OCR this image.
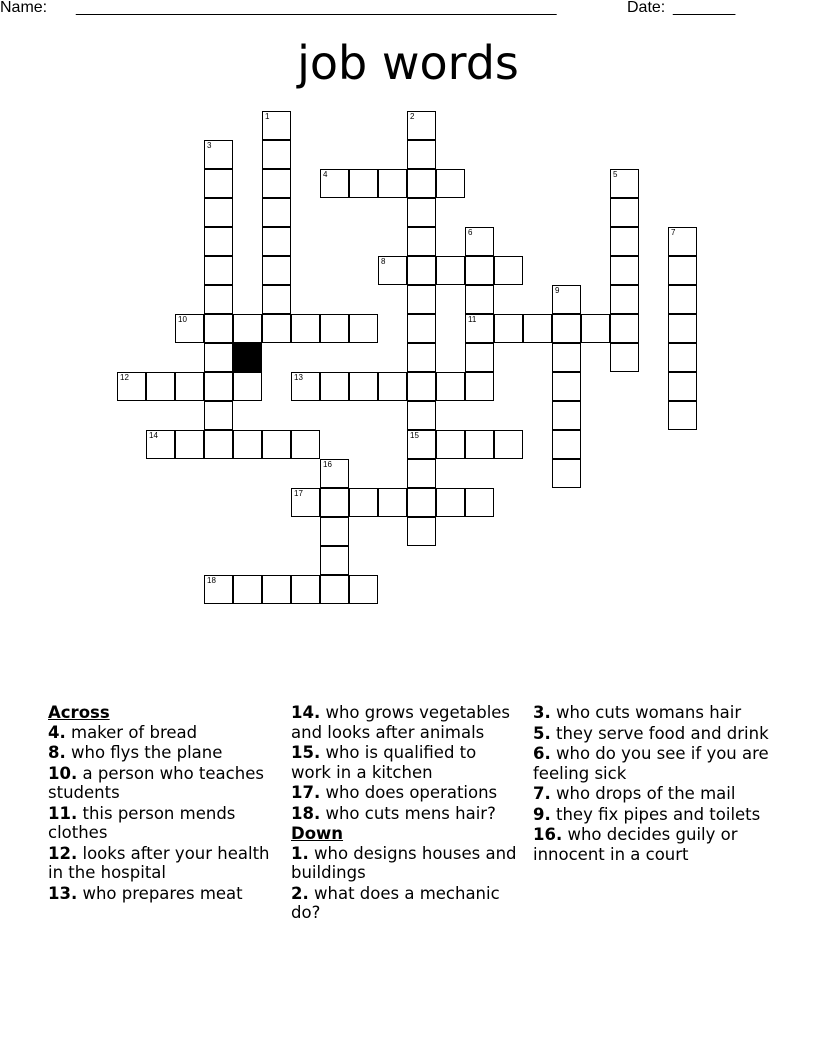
Name: ______________________________________________________	Date: _______
job words
1	2
15
3
4	5
6
11
7
8
9
10
12	13
14
16
17
18
Across
4. maker of bread
8. who flys the plane
10. a person who teaches students
11. this person mends clothes
12. looks after your health in the hospital
13. who prepares meat
14. who grows vegetables and looks after animals
15. who is qualified to work in a kitchen
17. who does operations
18. who cuts mens hair?
Down
1. who designs houses and buildings
2. what does a mechanic do?
3. who cuts womans hair
5. they serve food and drink
6. who do you see if you are feeling sick
7. who drops of the mail
9. they fix pipes and toilets
16. who decides guily or innocent in a court
